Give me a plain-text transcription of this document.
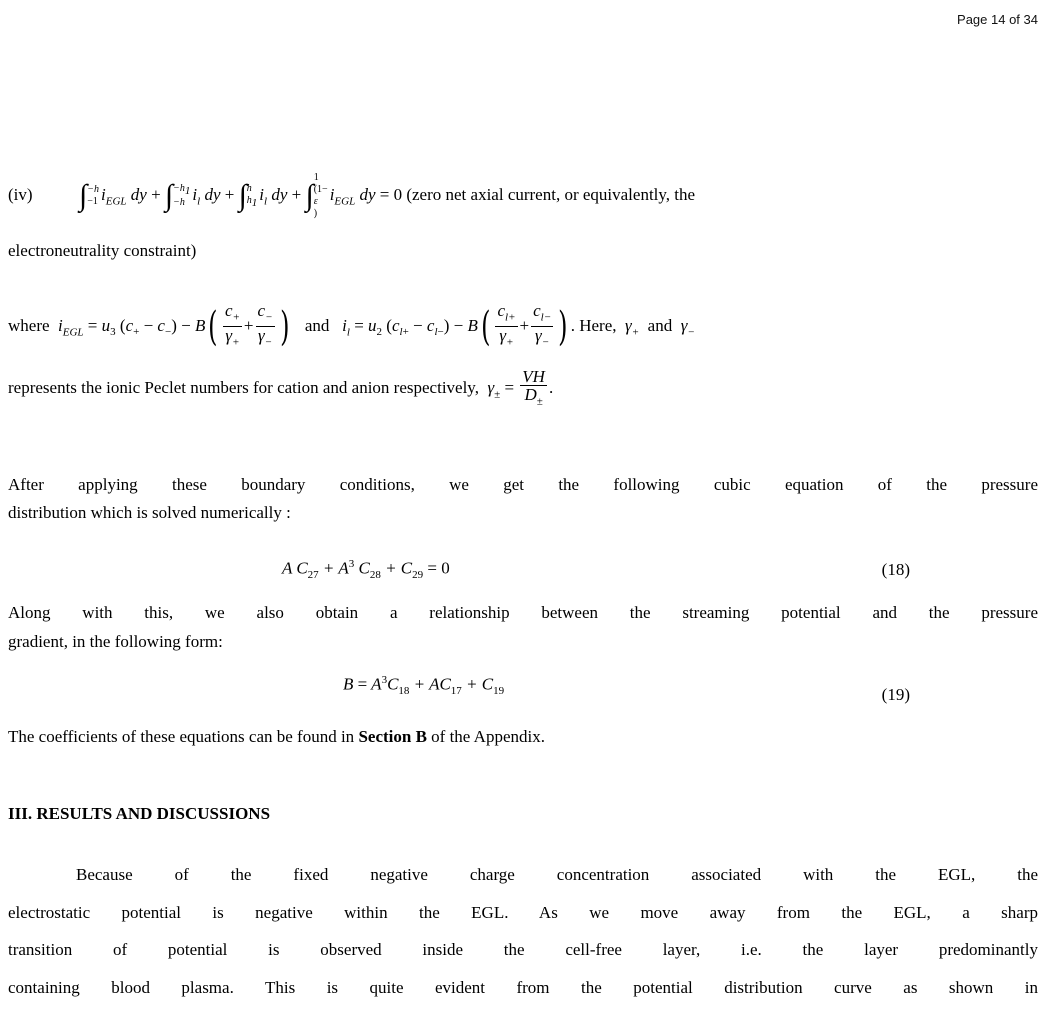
Page 14 of 34
(iv) ∫ −h
−1 $i_{EGL}$ dy + ∫ $-h_1$
−h $i_l$ dy + ∫ h
$h_1$ $i_l$ dy + ∫
1
(1−
ε
)
$i_{EGL}$ dy = 0 (zero net axial current, or equivalently, the
electroneutrality constraint)
where $i_{EGL} = u_3$ $(c_+ - c_-) - B( \frac{c_+}{\gamma_+} + \frac{c_-}{\gamma_-}$ ) and $i_l = u_2$ $(c_{l+} - c_{l-}) - B( \frac{c_{l+}}{\gamma_+} + \frac{c_{l-}}{\gamma_-}$ ) . Here, $\gamma_+$  and  $\gamma_-$
represents the ionic Peclet numbers for cation and anion respectively, $\gamma_\pm = \frac{VH}{D_\pm}$ .
After applying these boundary conditions, we get the following cubic equation of the pressure
distribution which is solved numerically :
A $C_{27} + A^3$ $C_{28} + C_{29} = 0$	(18)
Along with this, we also obtain a relationship between the streaming potential and the pressure
gradient, in the following form:
$B = A^3C_{18} + AC_{17} + C_{19}$	(19)
The coefficients of these equations can be found in Section B of the Appendix.
III. RESULTS AND DISCUSSIONS
Because of the fixed negative charge concentration associated with the EGL, the
electrostatic potential is negative within the EGL. As we move away from the EGL, a sharp
transition of potential is observed inside the cell-free layer, i.e. the layer predominantly
containing blood plasma. This is quite evident from the potential distribution curve as shown in
